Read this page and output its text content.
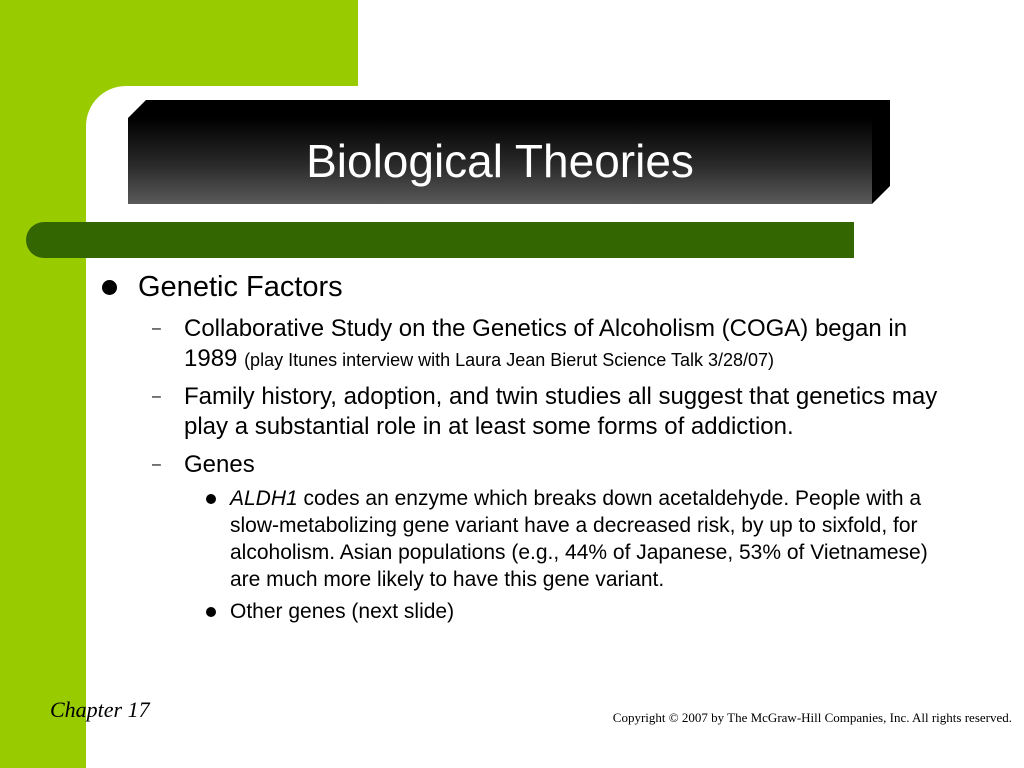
Biological Theories
Genetic Factors
– Collaborative Study on the Genetics of Alcoholism (COGA) began in 1989 (play Itunes interview with Laura Jean Bierut Science Talk 3/28/07)
– Family history, adoption, and twin studies all suggest that genetics may play a substantial role in at least some forms of addiction.
– Genes
ALDH1 codes an enzyme which breaks down acetaldehyde. People with a slow-metabolizing gene variant have a decreased risk, by up to sixfold, for alcoholism. Asian populations (e.g., 44% of Japanese, 53% of Vietnamese) are much more likely to have this gene variant.
Other genes (next slide)
Chapter 17	Copyright © 2007 by The McGraw-Hill Companies, Inc. All rights reserved.
